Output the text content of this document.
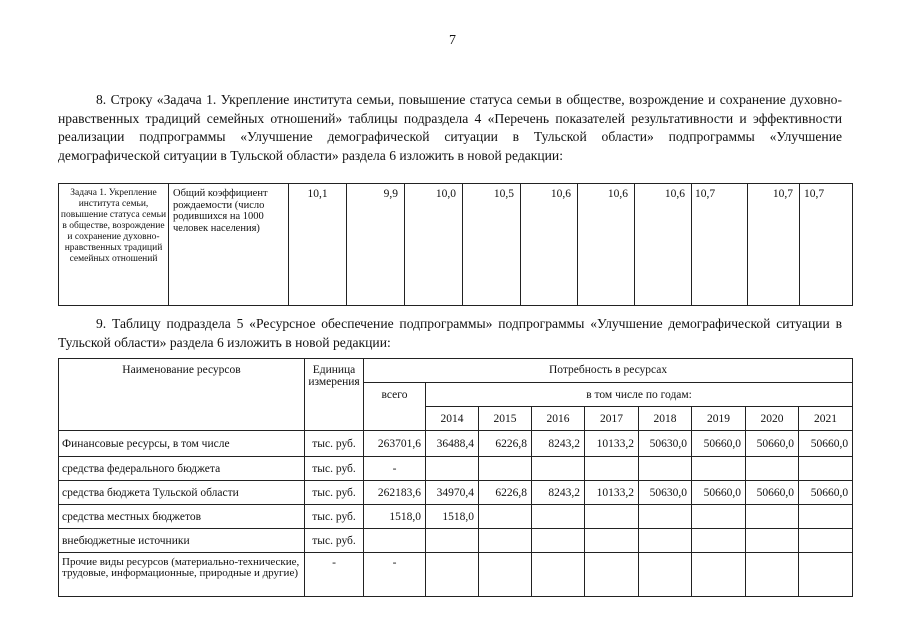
7
8. Строку «Задача 1. Укрепление института семьи, повышение статуса семьи в обществе, возрождение и сохранение духовно-нравственных традиций семейных отношений» таблицы подраздела 4 «Перечень показателей результативности и эффективности реализации подпрограммы «Улучшение демографической ситуации в Тульской области» подпрограммы «Улучшение демографической ситуации в Тульской области» раздела 6 изложить в новой редакции:
Задача 1. Укрепление института семьи, повышение статуса семьи в обществе, возрождение и сохранение духовно-нравственных традиций семейных отношений	Общий коэффициент рождаемости (число родившихся на 1000 человек населения)	10,1	9,9	10,0	10,5	10,6	10,6	10,6	10,7	10,7	10,7
9. Таблицу подраздела 5 «Ресурсное обеспечение подпрограммы» подпрограммы «Улучшение демографической ситуации в Тульской области» раздела 6 изложить в новой редакции:
Наименование ресурсов	Единица измерения	Потребность в ресурсах								
		всего	в том числе по годам:							
			2014	2015	2016	2017	2018	2019	2020	2021
Финансовые ресурсы, в том числе	тыс. руб.	263701,6	36488,4	6226,8	8243,2	10133,2	50630,0	50660,0	50660,0	50660,0
средства федерального бюджета	тыс. руб.	-								
средства бюджета Тульской области	тыс. руб.	262183,6	34970,4	6226,8	8243,2	10133,2	50630,0	50660,0	50660,0	50660,0
средства местных бюджетов	тыс. руб.	1518,0	1518,0							
внебюджетные источники	тыс. руб.									
Прочие виды ресурсов (материально-технические, трудовые, информационные, природные и другие)	-	-								
